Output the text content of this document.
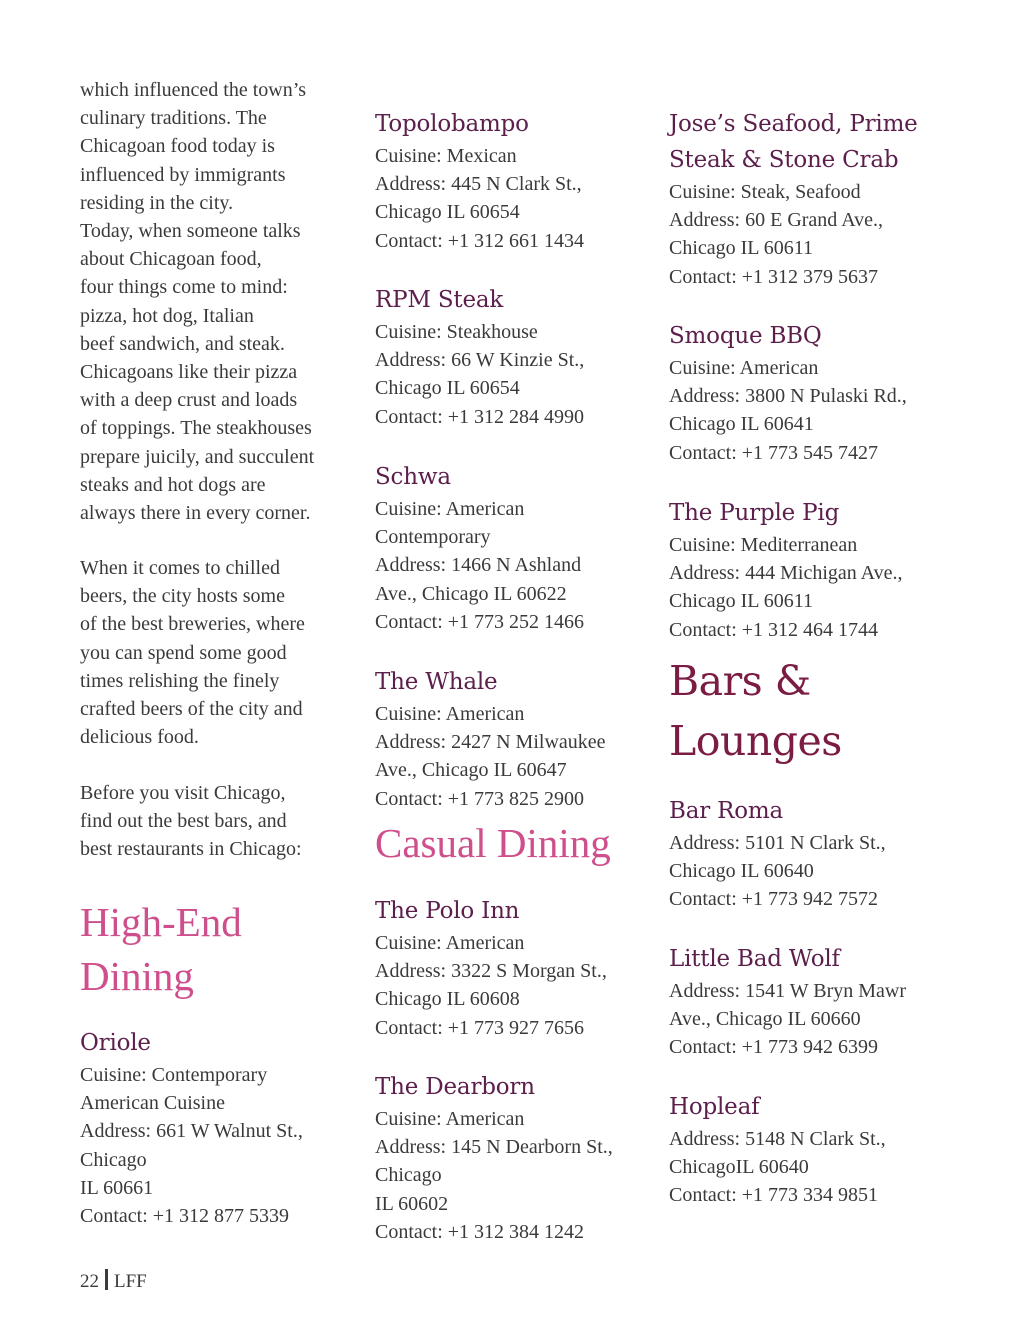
which influenced the town’s
culinary traditions. The
Chicagoan food today is
influenced by immigrants
residing in the city.
Today, when someone talks
about Chicagoan food,
four things come to mind:
pizza, hot dog, Italian
beef sandwich, and steak.
Chicagoans like their pizza
with a deep crust and loads
of toppings. The steakhouses
prepare juicily, and succulent
steaks and hot dogs are
always there in every corner.
When it comes to chilled
beers, the city hosts some
of the best breweries, where
you can spend some good
times relishing the finely
crafted beers of the city and
delicious food.
Before you visit Chicago,
find out the best bars, and
best restaurants in Chicago:
High-End
Dining
Oriole
Cuisine: Contemporary
American Cuisine
Address: 661 W Walnut St.,
Chicago
IL 60661
Contact: +1 312 877 5339
Topolobampo
Cuisine: Mexican
Address: 445 N Clark St.,
Chicago IL 60654
Contact: +1 312 661 1434
RPM Steak
Cuisine: Steakhouse
Address: 66 W Kinzie St.,
Chicago IL 60654
Contact: +1 312 284 4990
Schwa
Cuisine: American
Contemporary
Address: 1466 N Ashland
Ave., Chicago IL 60622
Contact: +1 773 252 1466
The Whale
Cuisine: American
Address: 2427 N Milwaukee
Ave., Chicago IL 60647
Contact: +1 773 825 2900
Casual Dining
The Polo Inn
Cuisine: American
Address: 3322 S Morgan St.,
Chicago IL 60608
Contact: +1 773 927 7656
The Dearborn
Cuisine: American
Address: 145 N Dearborn St.,
Chicago
IL 60602
Contact: +1 312 384 1242
Jose’s Seafood, Prime
Steak & Stone Crab
Cuisine: Steak, Seafood
Address: 60 E Grand Ave.,
Chicago IL 60611
Contact: +1 312 379 5637
Smoque BBQ
Cuisine: American
Address: 3800 N Pulaski Rd.,
Chicago IL 60641
Contact: +1 773 545 7427
The Purple Pig
Cuisine: Mediterranean
Address: 444 Michigan Ave.,
Chicago IL 60611
Contact: +1 312 464 1744
Bars &
Lounges
Bar Roma
Address: 5101 N Clark St.,
Chicago IL 60640
Contact: +1 773 942 7572
Little Bad Wolf
Address: 1541 W Bryn Mawr
Ave., Chicago IL 60660
Contact: +1 773 942 6399
Hopleaf
Address: 5148 N Clark St.,
ChicagoIL 60640
Contact: +1 773 334 9851
22 LFF
